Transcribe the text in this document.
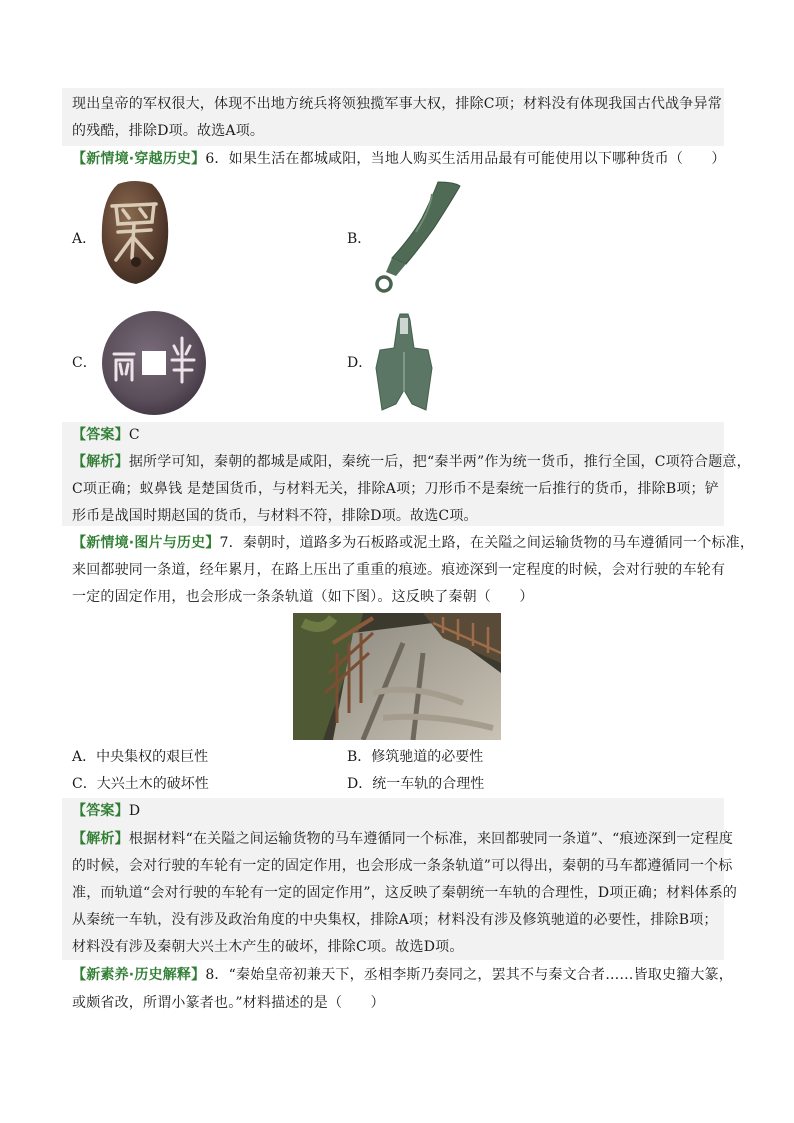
现出皇帝的军权很大，体现不出地方统兵将领独揽军事大权，排除C项；材料没有体现我国古代战争异常
的残酷，排除D项。故选A项。
【新情境·穿越历史】6．如果生活在都城咸阳，当地人购买生活用品最有可能使用以下哪种货币（　　）
A．	B．
C．	D．
【答案】C
【解析】据所学可知，秦朝的都城是咸阳，秦统一后，把“秦半两”作为统一货币，推行全国，C项符合题意，
C项正确；蚁鼻钱 是楚国货币，与材料无关，排除A项；刀形币不是秦统一后推行的货币，排除B项；铲
形币是战国时期赵国的货币，与材料不符，排除D项。故选C项。
【新情境·图片与历史】7．秦朝时，道路多为石板路或泥土路，在关隘之间运输货物的马车遵循同一个标准，
来回都驶同一条道，经年累月，在路上压出了重重的痕迹。痕迹深到一定程度的时候，会对行驶的车轮有
一定的固定作用，也会形成一条条轨道（如下图）。这反映了秦朝（　　）
A．中央集权的艰巨性	B．修筑驰道的必要性
C．大兴土木的破坏性	D．统一车轨的合理性
【答案】D
【解析】根据材料“在关隘之间运输货物的马车遵循同一个标准，来回都驶同一条道”、“痕迹深到一定程度
的时候，会对行驶的车轮有一定的固定作用，也会形成一条条轨道”可以得出，秦朝的马车都遵循同一个标
准，而轨道“会对行驶的车轮有一定的固定作用”，这反映了秦朝统一车轨的合理性，D项正确；材料体系的
从秦统一车轨，没有涉及政治角度的中央集权，排除A项；材料没有涉及修筑驰道的必要性，排除B项；
材料没有涉及秦朝大兴土木产生的破坏，排除C项。故选D项。
【新素养·历史解释】8．“秦始皇帝初兼天下，丞相李斯乃奏同之，罢其不与秦文合者……皆取史籀大篆，
或颇省改，所谓小篆者也。”材料描述的是（　　）
